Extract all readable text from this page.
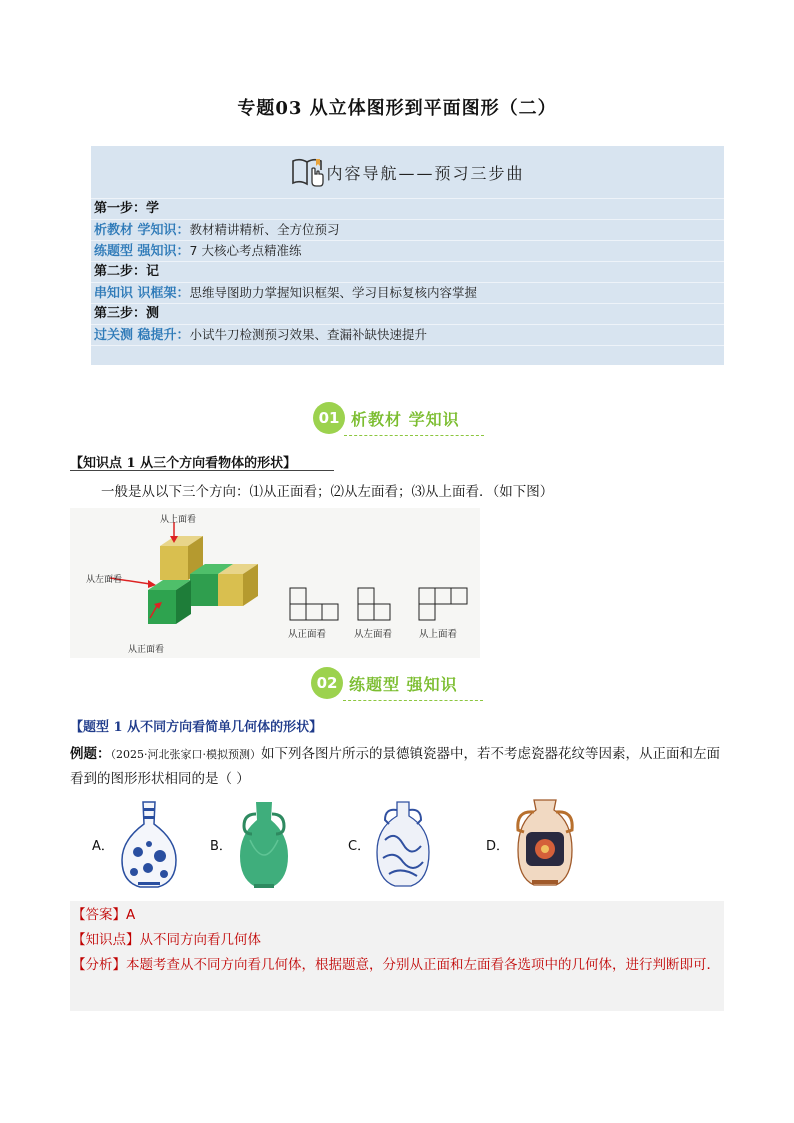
专题03 从立体图形到平面图形（二）
内容导航——预习三步曲
第一步：学
析教材 学知识：教材精讲精析、全方位预习
练题型 强知识：7 大核心考点精准练
第二步：记
串知识 识框架：思维导图助力掌握知识框架、学习目标复核内容掌握
第三步：测
过关测 稳提升：小试牛刀检测预习效果、查漏补缺快速提升
01 析教材 学知识
【知识点 1 从三个方向看物体的形状】
一般是从以下三个方向：⑴从正面看；⑵从左面看；⑶从上面看．（如下图）
从上面看
从左面看
从正面看
从正面看	从左面看	从上面看
02 练题型 强知识
【题型 1 从不同方向看简单几何体的形状】
例题：（2025·河北张家口·模拟预测）如下列各图片所示的景德镇瓷器中，若不考虑瓷器花纹等因素，从正面和左面看到的图形形状相同的是（ ）
A．	B．	C．	D．
【答案】A
【知识点】从不同方向看几何体
【分析】本题考查从不同方向看几何体，根据题意，分别从正面和左面看各选项中的几何体，进行判断即可．
